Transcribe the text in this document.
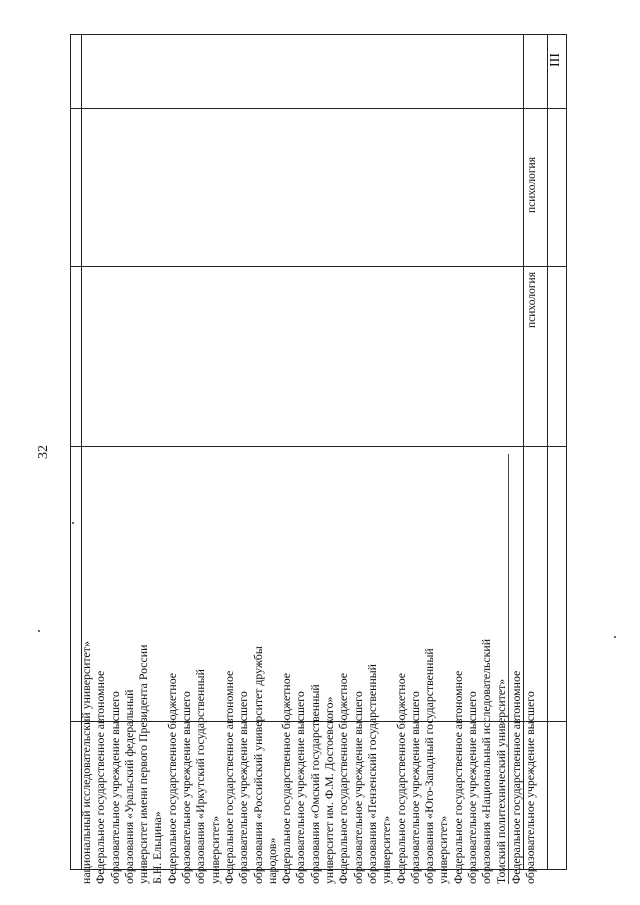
32
национальный исследовательский университет» Федеральное государственное автономное образовательное учреждение высшего образования «Уральский федеральный университет имени первого Президента России Б.Н. Ельцина» Федеральное государственное бюджетное образовательное учреждение высшего образования «Иркутский государственный университет» Федеральное государственное автономное образовательное учреждение высшего образования «Российский университет дружбы народов» Федеральное государственное бюджетное образовательное учреждение высшего образования «Омский государственный университет им. Ф.М. Достоевского» Федеральное государственное бюджетное образовательное учреждение высшего образования «Пензенский государственный университет» Федеральное государственное бюджетное образовательное учреждение высшего образования «Юго-Западный государственный университет» Федеральное государственное автономное образовательное учреждение высшего образования «Национальный исследовательский Томский политехнический университет» Федеральное государственное автономное образовательное учреждение высшего
психология
психология
III
